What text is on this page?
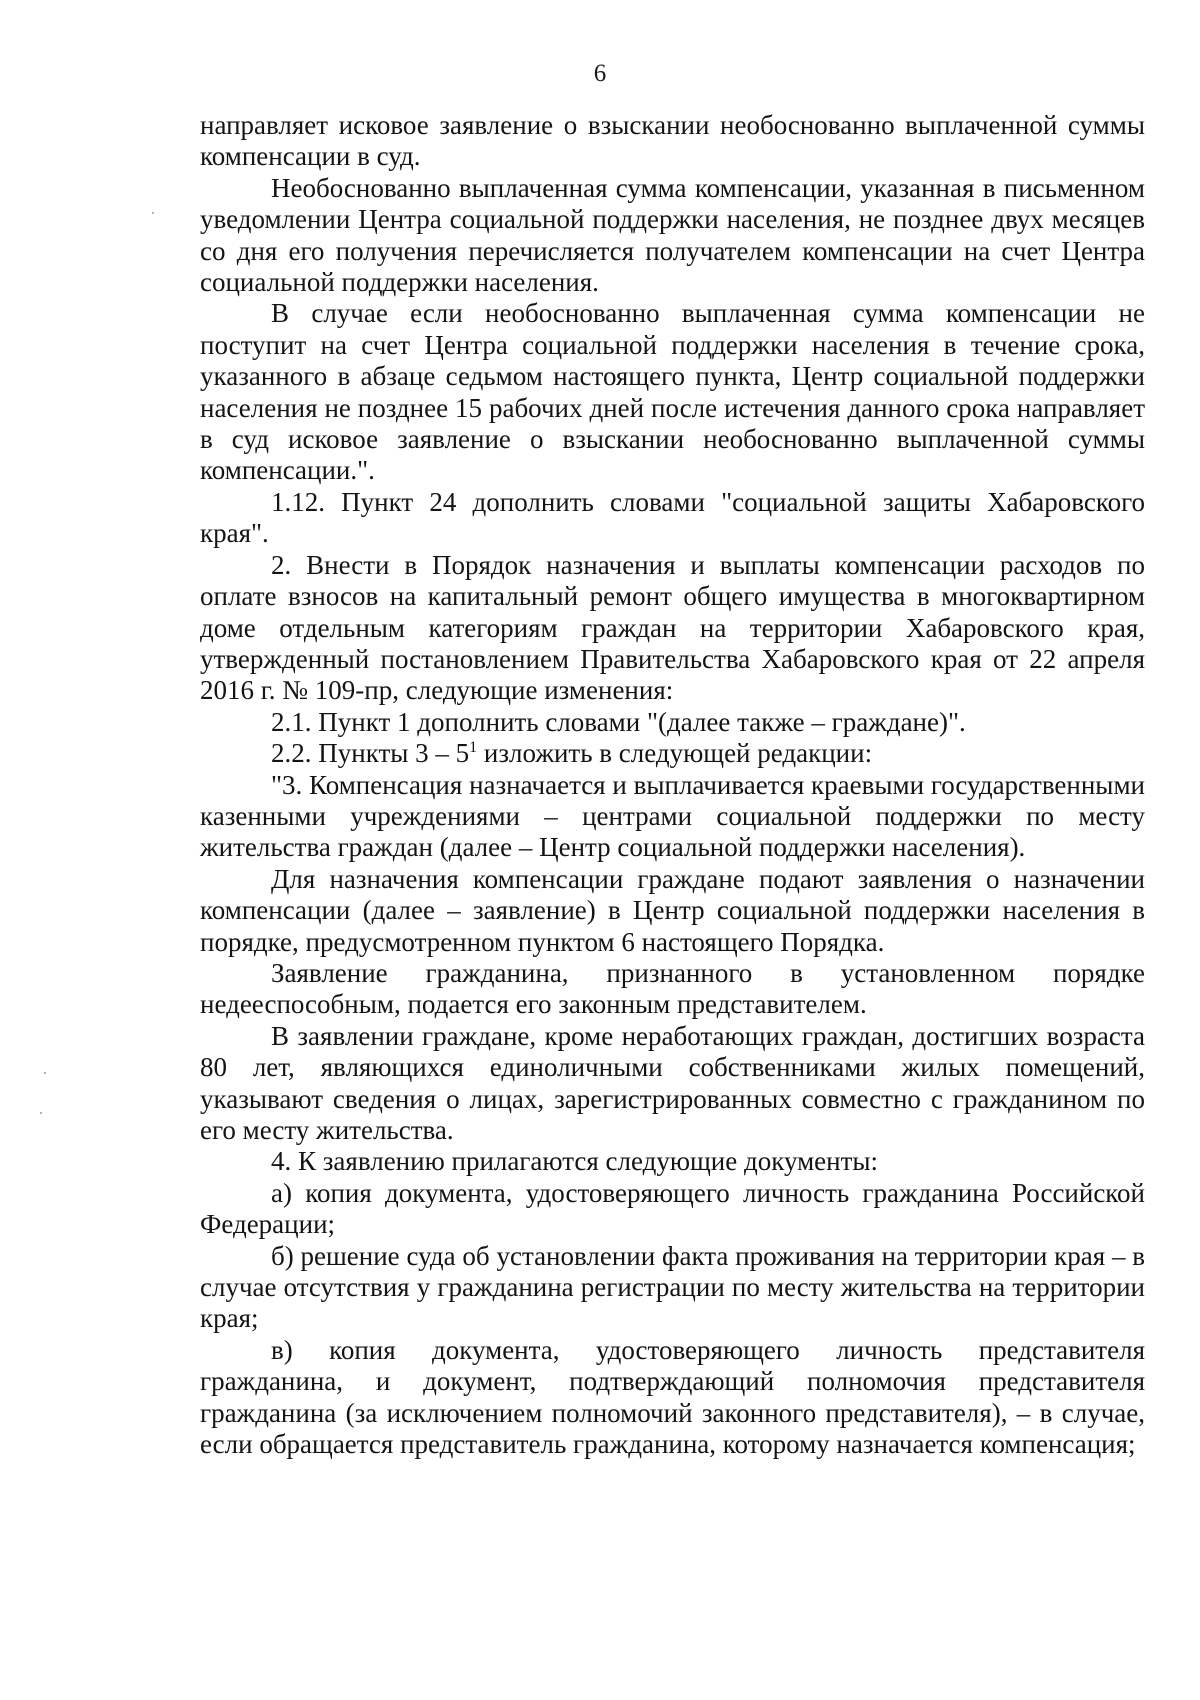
6

направляет исковое заявление о взыскании необоснованно выплаченной суммы компенсации в суд.

Необоснованно выплаченная сумма компенсации, указанная в письменном уведомлении Центра социальной поддержки населения, не позднее двух месяцев со дня его получения перечисляется получателем компенсации на счет Центра социальной поддержки населения.

В случае если необоснованно выплаченная сумма компенсации не поступит на счет Центра социальной поддержки населения в течение срока, указанного в абзаце седьмом настоящего пункта, Центр социальной поддержки населения не позднее 15 рабочих дней после истечения данного срока направляет в суд исковое заявление о взыскании необоснованно выплаченной суммы компенсации.".

1.12. Пункт 24 дополнить словами "социальной защиты Хабаровского края".

2. Внести в Порядок назначения и выплаты компенсации расходов по оплате взносов на капитальный ремонт общего имущества в многоквартирном доме отдельным категориям граждан на территории Хабаровского края, утвержденный постановлением Правительства Хабаровского края от 22 апреля 2016 г. № 109-пр, следующие изменения:

2.1. Пункт 1 дополнить словами "(далее также – граждане)".

2.2. Пункты $3 - 5^1$ изложить в следующей редакции:

"3. Компенсация назначается и выплачивается краевыми государственными казенными учреждениями – центрами социальной поддержки по месту жительства граждан (далее – Центр социальной поддержки населения).

Для назначения компенсации граждане подают заявления о назначении компенсации (далее – заявление) в Центр социальной поддержки населения в порядке, предусмотренном пунктом 6 настоящего Порядка.

Заявление гражданина, признанного в установленном порядке недееспособным, подается его законным представителем.

В заявлении граждане, кроме неработающих граждан, достигших возраста 80 лет, являющихся единоличными собственниками жилых помещений, указывают сведения о лицах, зарегистрированных совместно с гражданином по его месту жительства.

4. К заявлению прилагаются следующие документы:

а) копия документа, удостоверяющего личность гражданина Российской Федерации;

б) решение суда об установлении факта проживания на территории края – в случае отсутствия у гражданина регистрации по месту жительства на территории края;

в) копия документа, удостоверяющего личность представителя гражданина, и документ, подтверждающий полномочия представителя гражданина (за исключением полномочий законного представителя), – в случае, если обращается представитель гражданина, которому назначается компенсация;
